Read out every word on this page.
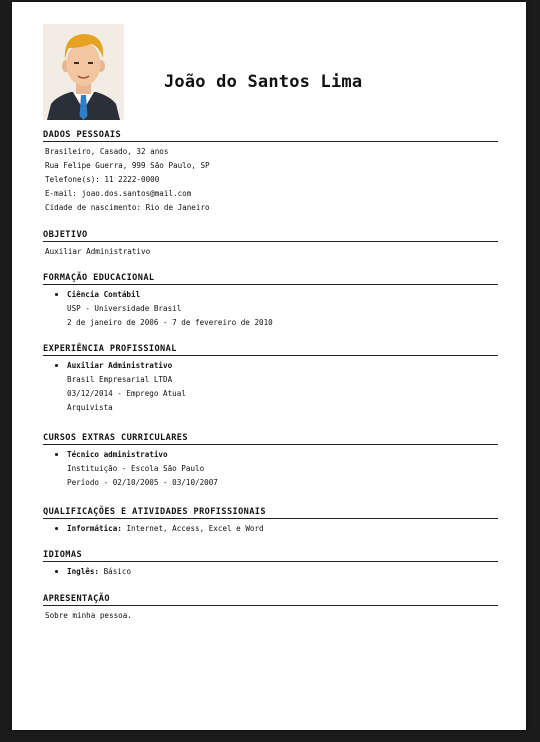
João do Santos Lima
DADOS PESSOAIS
Brasileiro, Casado, 32 anos
Rua Felipe Guerra, 999 São Paulo, SP
Telefone(s): 11 2222-0000
E-mail: joao.dos.santos@mail.com
Cidade de nascimento: Rio de Janeiro
OBJETIVO
Auxiliar Administrativo
FORMAÇÃO EDUCACIONAL
Ciência Contábil
USP - Universidade Brasil
2 de janeiro de 2006 - 7 de fevereiro de 2010
EXPERIÊNCIA PROFISSIONAL
Auxiliar Administrativo
Brasil Empresarial LTDA
03/12/2014 - Emprego Atual
Arquivista
CURSOS EXTRAS CURRICULARES
Técnico administrativo
Instituição - Escola São Paulo
Período - 02/10/2005 - 03/10/2007
QUALIFICAÇÕES E ATIVIDADES PROFISSIONAIS
Informática: Internet, Access, Excel e Word
IDIOMAS
Inglês: Básico
APRESENTAÇÃO
Sobre minha pessoa.
